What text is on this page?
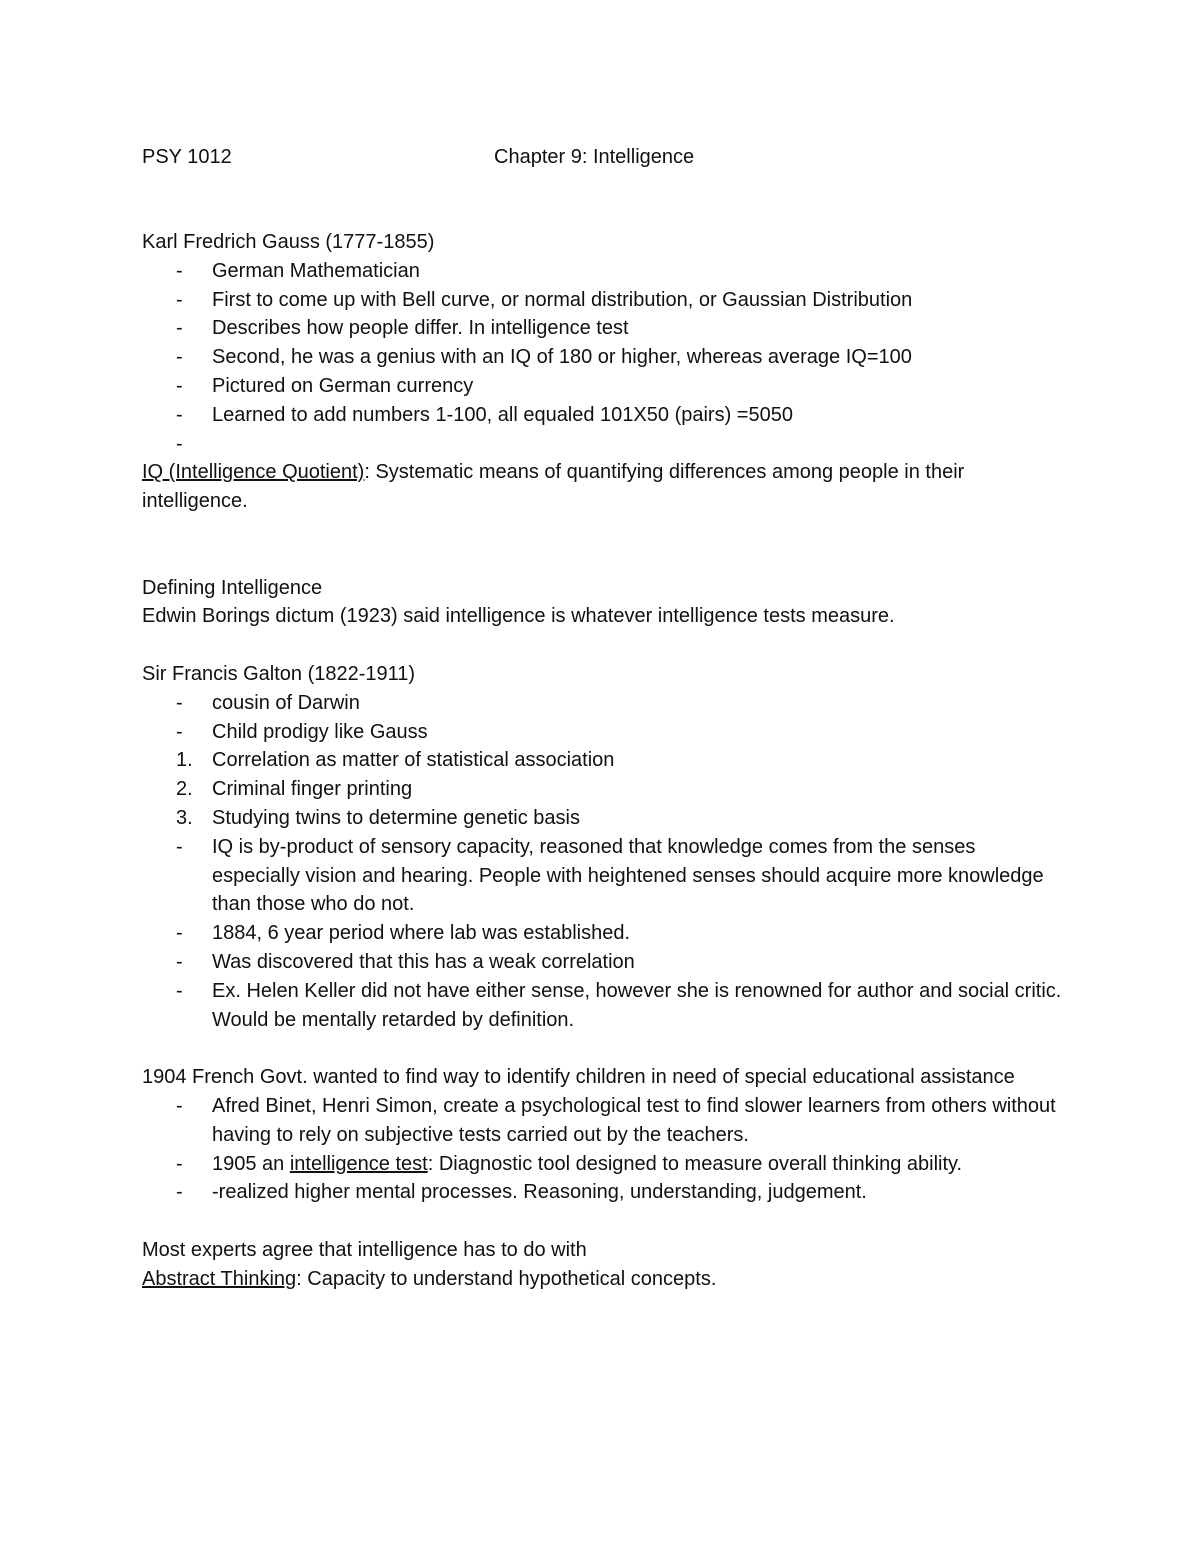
PSY 1012	Chapter 9: Intelligence
Karl Fredrich Gauss (1777-1855)
-	German Mathematician
-	First to come up with Bell curve, or normal distribution, or Gaussian Distribution
-	Describes how people differ. In intelligence test
-	Second, he was a genius with an IQ of 180 or higher, whereas average IQ=100
-	Pictured on German currency
-	Learned to add numbers 1-100, all equaled 101X50 (pairs) =5050
-
IQ (Intelligence Quotient): Systematic means of quantifying differences among people in their intelligence.
Defining Intelligence
Edwin Borings dictum (1923) said intelligence is whatever intelligence tests measure.
Sir Francis Galton (1822-1911)
-	cousin of Darwin
-	Child prodigy like Gauss
1. Correlation as matter of statistical association
2. Criminal finger printing
3. Studying twins to determine genetic basis
-	IQ is by-product of sensory capacity, reasoned that knowledge comes from the senses especially vision and hearing. People with heightened senses should acquire more knowledge than those who do not.
-	1884, 6 year period where lab was established.
-	Was discovered that this has a weak correlation
-	Ex. Helen Keller did not have either sense, however she is renowned for author and social critic. Would be mentally retarded by definition.
1904 French Govt. wanted to find way to identify children in need of special educational assistance
-	Afred Binet, Henri Simon, create a psychological test to find slower learners from others without having to rely on subjective tests carried out by the teachers.
-	1905 an intelligence test: Diagnostic tool designed to measure overall thinking ability.
-	-realized higher mental processes. Reasoning, understanding, judgement.
Most experts agree that intelligence has to do with
Abstract Thinking: Capacity to understand hypothetical concepts.
